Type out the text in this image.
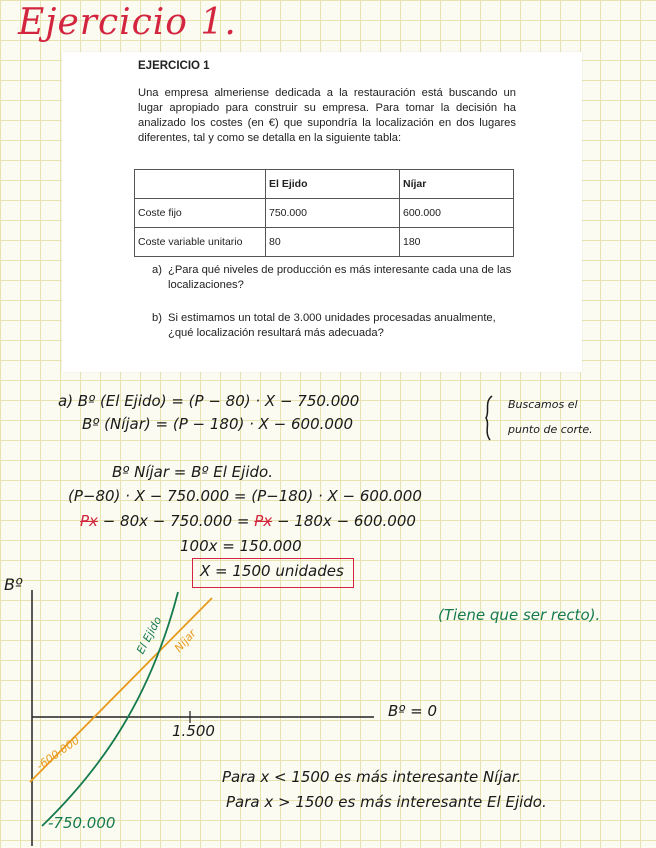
Ejercicio 1.
EJERCICIO 1
Una empresa almeriense dedicada a la restauración está buscando un lugar apropiado para construir su empresa. Para tomar la decisión ha analizado los costes (en €) que supondría la localización en dos lugares diferentes, tal y como se detalla en la siguiente tabla:
	El Ejido	Níjar
Coste fijo	750.000	600.000
Coste variable unitario	80	180
a) ¿Para qué niveles de producción es más interesante cada una de las localizaciones?
b) Si estimamos un total de 3.000 unidades procesadas anualmente, ¿qué localización resultará más adecuada?
a) Bº (El Ejido) = (P − 80) · X − 750.000
Bº (Níjar) = (P − 180) · X − 600.000
Buscamos el
punto de corte.
Bº Níjar = Bº El Ejido.
(P−80) · X − 750.000 = (P−180) · X − 600.000
Px − 80x − 750.000 = Px − 180x − 600.000
100x = 150.000
X = 1500 unidades
(Tiene que ser recto).
Bº
Bº = 0
1.500
-600.000
-750.000
El Ejido Níjar
Para x < 1500 es más interesante Níjar.
Para x > 1500 es más interesante El Ejido.
